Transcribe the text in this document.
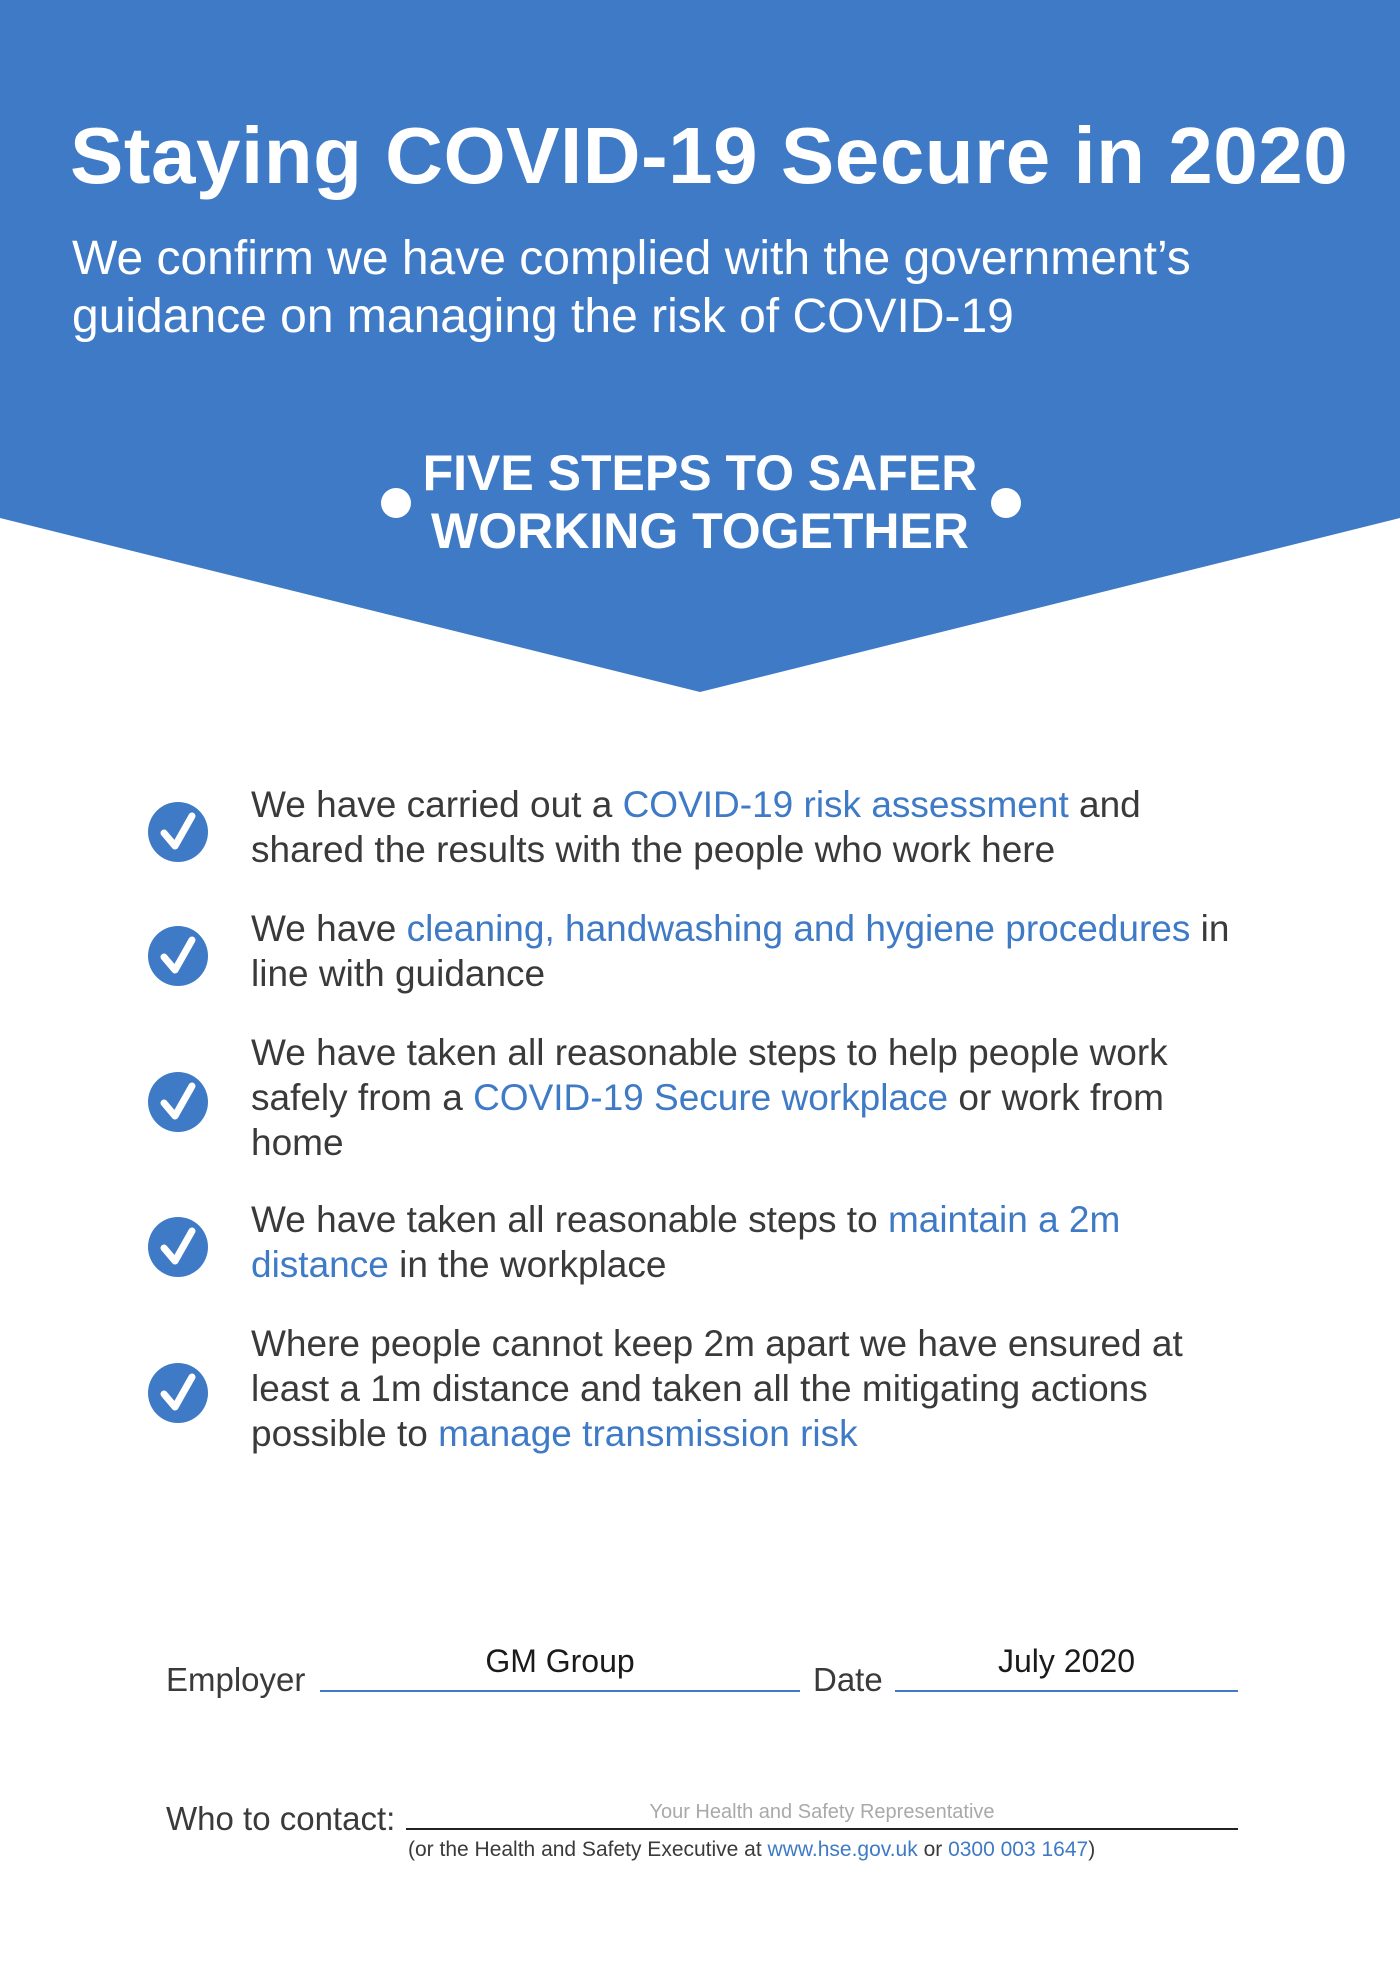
Staying COVID-19 Secure in 2020

We confirm we have complied with the government’s guidance on managing the risk of COVID-19

FIVE STEPS TO SAFER
WORKING TOGETHER

We have carried out a COVID-19 risk assessment and shared the results with the people who work here

We have cleaning, handwashing and hygiene procedures in line with guidance

We have taken all reasonable steps to help people work safely from a COVID-19 Secure workplace or work from home

We have taken all reasonable steps to maintain a 2m distance in the workplace

Where people cannot keep 2m apart we have ensured at least a 1m distance and taken all the mitigating actions possible to manage transmission risk

Employer	GM Group	Date	July 2020
Who to contact:	Your Health and Safety Representative
(or the Health and Safety Executive at www.hse.gov.uk or 0300 003 1647)
